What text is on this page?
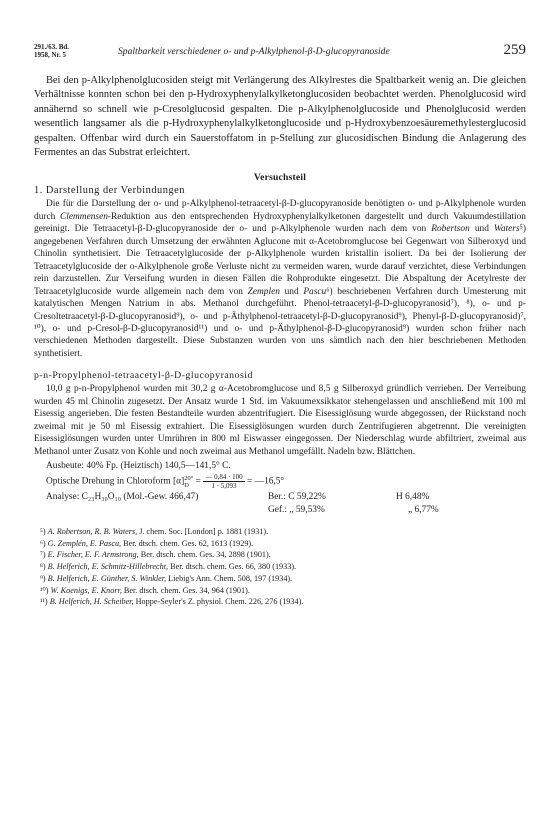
291./63. Bd.
1958, Nr. 5	Spaltbarkeit verschiedener o- und p-Alkylphenol-β-D-glucopyranoside	259

Bei den p-Alkylphenolglucosiden steigt mit Verlängerung des Alkylrestes die Spaltbarkeit wenig an. Die gleichen Verhältnisse konnten schon bei den p-Hydroxyphenylalkylketonglucosiden beobachtet werden. Phenolglucosid wird annähernd so schnell wie p-Cresolglucosid gespalten. Die p-Alkylphenolglucoside und Phenolglucosid werden wesentlich langsamer als die p-Hydroxyphenylalkylketonglucoside und p-Hydroxybenzoesäuremethylesterglucosid gespalten. Offenbar wird durch ein Sauerstoffatom in p-Stellung zur glucosidischen Bindung die Anlagerung des Fermentes an das Substrat erleichtert.

Versuchsteil
1. Darstellung der Verbindungen

Die für die Darstellung der o- und p-Alkylphenol-tetraacetyl-β-D-glucopyranoside benötigten o- und p-Alkylphenole wurden durch Clemmensen-Reduktion aus den entsprechenden Hydroxyphenylalkylketonen dargestellt und durch Vakuumdestillation gereinigt. Die Tetraacetyl-β-D-glucopyranoside der o- und p-Alkylphenole wurden nach dem von Robertson und Waters⁵) angegebenen Verfahren durch Umsetzung der erwähnten Aglucone mit α-Acetobromglucose bei Gegenwart von Silberoxyd und Chinolin synthetisiert. Die Tetraacetylglucoside der p-Alkylphenole wurden kristallin isoliert. Da bei der Isolierung der Tetraacetylglucoside der o-Alkylphenole große Verluste nicht zu vermeiden waren, wurde darauf verzichtet, diese Verbindungen rein darzustellen. Zur Verseifung wurden in diesen Fällen die Rohprodukte eingesetzt. Die Abspaltung der Acetylreste der Tetraacetylglucoside wurde allgemein nach dem von Zemplen und Pascu⁶) beschriebenen Verfahren durch Umesterung mit katalytischen Mengen Natrium in abs. Methanol durchgeführt. Phenol-tetraacetyl-β-D-glucopyranosid⁷), ⁸), o- und p-Cresoltetraacetyl-β-D-glucopyranosid⁹), o- und p-Äthylphenol-tetraacetyl-β-D-glucopyranosid⁹), Phenyl-β-D-glucopyranosid)⁷, ¹⁰), o- und p-Cresol-β-D-glucopyranosid¹¹) und o- und p-Äthylphenol-β-D-glucopyranosid⁹) wurden schon früher nach verschiedenen Methoden dargestellt. Diese Substanzen wurden von uns sämtlich nach den hier beschriebenen Methoden synthetisiert.

p-n-Propylphenol-tetraacetyl-β-D-glucopyranosid

10,0 g p-n-Propylphenol wurden mit 30,2 g α-Acetobromglucose und 8,5 g Silberoxyd gründlich verrieben. Der Verreibung wurden 45 ml Chinolin zugesetzt. Der Ansatz wurde 1 Std. im Vakuumexsikkator stehengelassen und anschließend mit 100 ml Eisessig angerieben. Die festen Bestandteile wurden abzentrifugiert. Die Eisessiglösung wurde abgegossen, der Rückstand noch zweimal mit je 50 ml Eisessig extrahiert. Die Eisessiglösungen wurden durch Zentrifugieren abgetrennt. Die vereinigten Eisessiglösungen wurden unter Umrühren in 800 ml Eiswasser eingegossen. Der Niederschlag wurde abfiltriert, zweimal aus Methanol unter Zusatz von Kohle und noch zweimal aus Methanol umgefällt. Nadeln bzw. Blättchen.

Ausbeute: 40% Fp. (Heiztisch) 140,5—141,5° C.
Optische Drehung in Chloroform [α] 20°
$D = \frac{— 0,84 \cdot 100}{1 \cdot 5,093}$ = —16,5°
Analyse: C₂₃H₃₀O₁₀ (Mol.-Gew. 466,47)	Ber.: C 59,22%	H 6,48%
Gef.: „ 59,53%	„ 6,77%
⁵) A. Robertson, R. B. Waters, J. chem. Soc. [London] p. 1881 (1931).
⁶) G. Zemplén, E. Pascu, Ber. dtsch. chem. Ges. 62, 1613 (1929).
⁷) E. Fischer, E. F. Armstrong, Ber. dtsch. chem. Ges. 34, 2898 (1901).
⁸) B. Helferich, E. Schmitz-Hillebrecht, Ber. dtsch. chem. Ges. 66, 380 (1933).
⁹) B. Helferich, E. Günther, S. Winkler, Liebig's Ann. Chem. 508, 197 (1934).
¹⁰) W. Koenigs, E. Knorr, Ber. dtsch. chem. Ges. 34, 964 (1901).
¹¹) B. Helferich, H. Scheiber, Hoppe-Seyler's Z. physiol. Chem. 226, 276 (1934).
